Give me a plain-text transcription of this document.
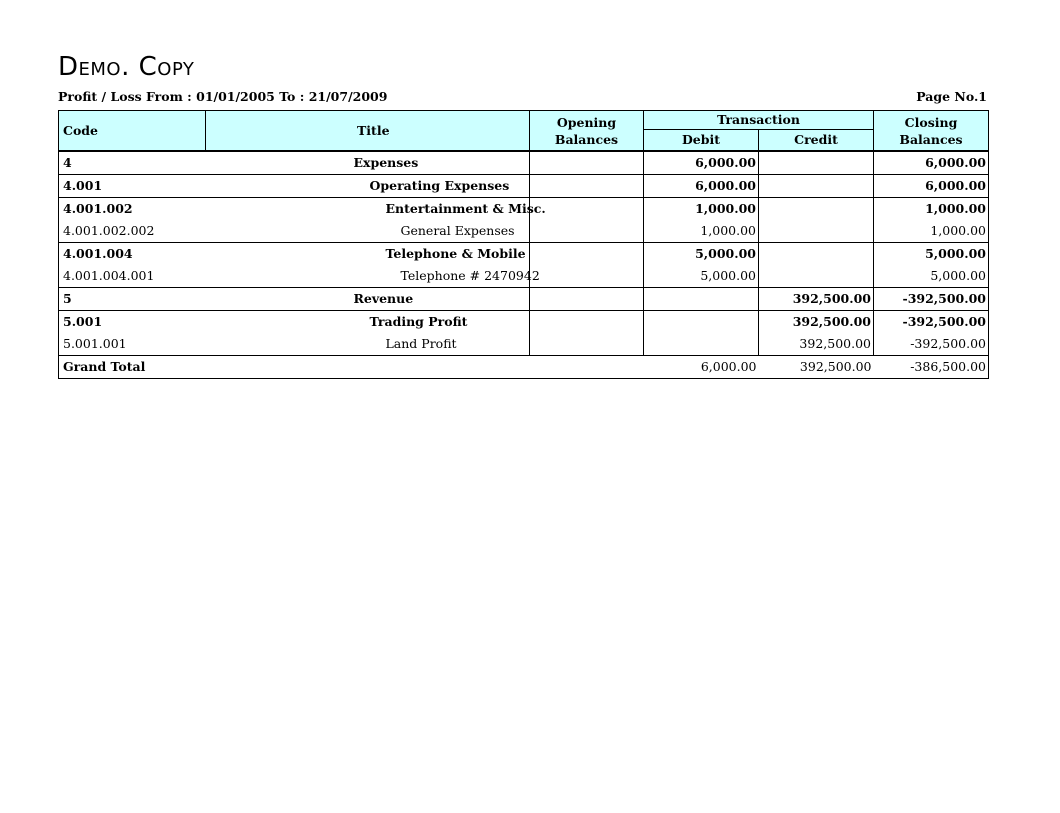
Demo. Copy
Profit / Loss From : 01/01/2005 To : 21/07/2009	Page No.1
Code	Title	Opening Balances	Transaction		Closing Balances
			Debit	Credit	
4	Expenses		6,000.00		6,000.00
4.001	Operating Expenses		6,000.00		6,000.00
4.001.002	Entertainment & Misc.		1,000.00		1,000.00
4.001.002.002	General Expenses		1,000.00		1,000.00
4.001.004	Telephone & Mobile		5,000.00		5,000.00
4.001.004.001	Telephone # 2470942		5,000.00		5,000.00
5	Revenue			392,500.00	-392,500.00
5.001	Trading Profit			392,500.00	-392,500.00
5.001.001	Land Profit			392,500.00	-392,500.00
Grand Total			6,000.00	392,500.00	-386,500.00
